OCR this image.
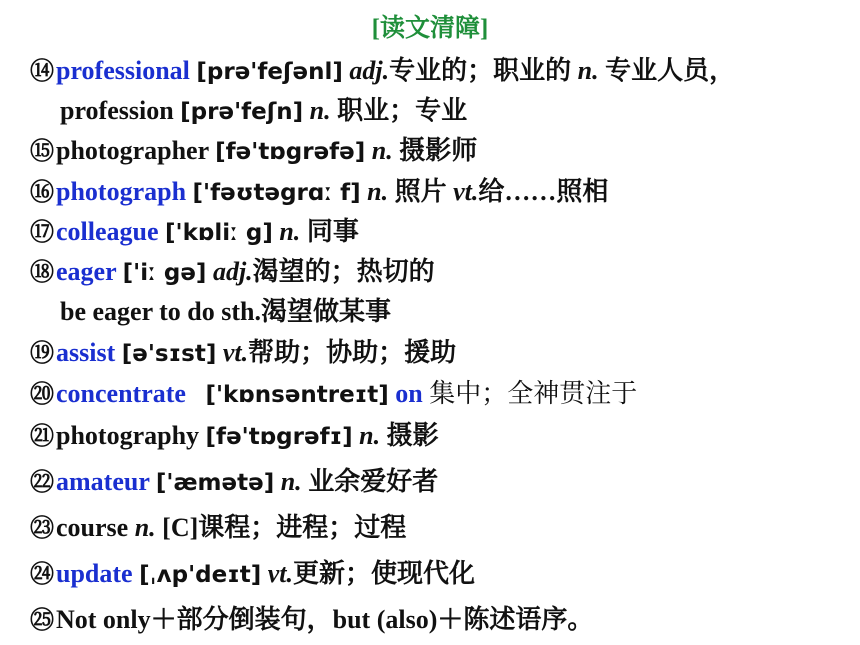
[读文清障]
⑭professional [prə'feʃənl] adj.专业的；职业的 n. 专业人员，
profession [prə'feʃn] n. 职业；专业
⑮photographer [fə'tɒgrəfə] n. 摄影师
⑯photograph ['fəʊtəgrɑː f] n. 照片 vt.给……照相
⑰colleague ['kɒliː g] n. 同事
⑱eager ['iː gə] adj.渴望的；热切的
be eager to do sth.渴望做某事
⑲assist [ə'sɪst] vt.帮助；协助；援助
⑳concentrate ['kɒnsəntreɪt] on 集中；全神贯注于
㉑photography [fə'tɒgrəfɪ] n. 摄影
㉒amateur ['æmətə] n. 业余爱好者
㉓course n. [C]课程；进程；过程
㉔update [ˌʌp'deɪt] vt.更新；使现代化
㉕Not only＋部分倒装句，but (also)＋陈述语序。
